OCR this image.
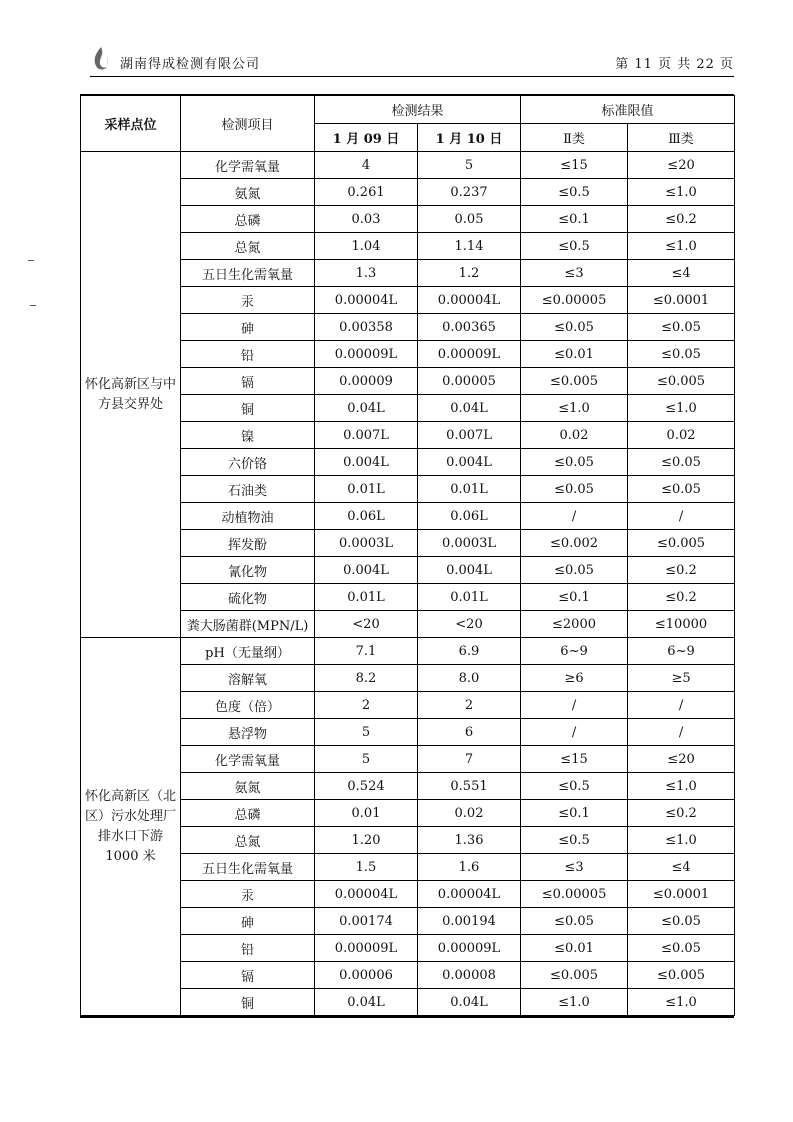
湖南得成检测有限公司	第 11 页 共 22 页
采样点位	检测项目	检测结果		标准限值	
		1 月 09 日	1 月 10 日	Ⅱ类	Ⅲ类
怀化高新区与中方县交界处	化学需氧量	4	5	≤15	≤20
	氨氮	0.261	0.237	≤0.5	≤1.0
	总磷	0.03	0.05	≤0.1	≤0.2
	总氮	1.04	1.14	≤0.5	≤1.0
	五日生化需氧量	1.3	1.2	≤3	≤4
	汞	0.00004L	0.00004L	≤0.00005	≤0.0001
	砷	0.00358	0.00365	≤0.05	≤0.05
	铅	0.00009L	0.00009L	≤0.01	≤0.05
	镉	0.00009	0.00005	≤0.005	≤0.005
	铜	0.04L	0.04L	≤1.0	≤1.0
	镍	0.007L	0.007L	0.02	0.02
	六价铬	0.004L	0.004L	≤0.05	≤0.05
	石油类	0.01L	0.01L	≤0.05	≤0.05
	动植物油	0.06L	0.06L	/	/
	挥发酚	0.0003L	0.0003L	≤0.002	≤0.005
	氰化物	0.004L	0.004L	≤0.05	≤0.2
	硫化物	0.01L	0.01L	≤0.1	≤0.2
	粪大肠菌群(MPN/L)	<20	<20	≤2000	≤10000
怀化高新区（北区）污水处理厂排水口下游 1000 米	pH（无量纲）	7.1	6.9	6~9	6~9
	溶解氧	8.2	8.0	≥6	≥5
	色度（倍）	2	2	/	/
	悬浮物	5	6	/	/
	化学需氧量	5	7	≤15	≤20
	氨氮	0.524	0.551	≤0.5	≤1.0
	总磷	0.01	0.02	≤0.1	≤0.2
	总氮	1.20	1.36	≤0.5	≤1.0
	五日生化需氧量	1.5	1.6	≤3	≤4
	汞	0.00004L	0.00004L	≤0.00005	≤0.0001
	砷	0.00174	0.00194	≤0.05	≤0.05
	铅	0.00009L	0.00009L	≤0.01	≤0.05
	镉	0.00006	0.00008	≤0.005	≤0.005
	铜	0.04L	0.04L	≤1.0	≤1.0
